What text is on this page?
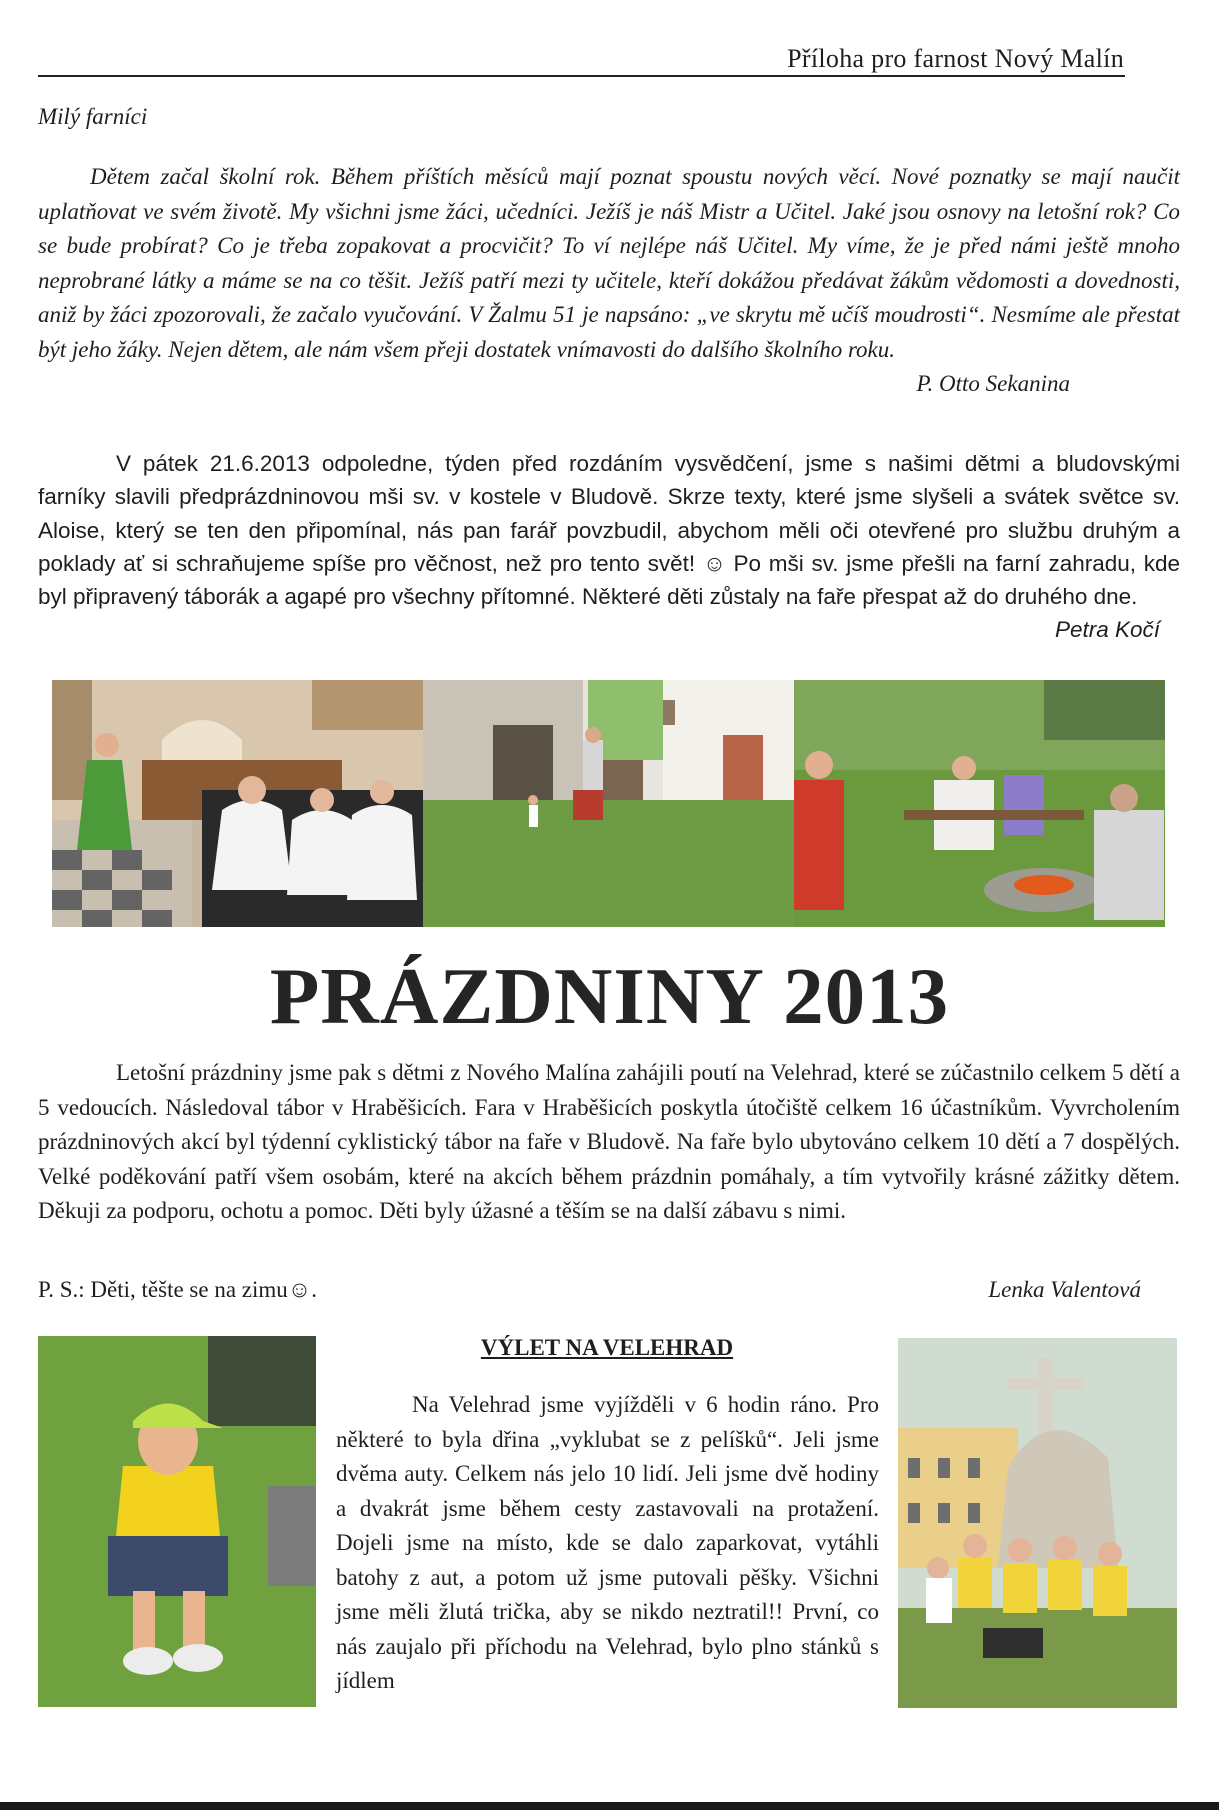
Příloha pro farnost Nový Malín
Milý farníci

Dětem začal školní rok. Během příštích měsíců mají poznat spoustu nových věcí. Nové poznatky se mají naučit uplatňovat ve svém životě. My všichni jsme žáci, učedníci. Ježíš je náš Mistr a Učitel. Jaké jsou osnovy na letošní rok? Co se bude probírat? Co je třeba zopakovat a procvičit? To ví nejlépe náš Učitel. My víme, že je před námi ještě mnoho neprobrané látky a máme se na co těšit. Ježíš patří mezi ty učitele, kteří dokážou předávat žákům vědomosti a dovednosti, aniž by žáci zpozorovali, že začalo vyučování. V Žalmu 51 je napsáno: „ve skrytu mě učíš moudrosti“. Nesmíme ale přestat být jeho žáky. Nejen dětem, ale nám všem přeji dostatek vnímavosti do dalšího školního roku.
P. Otto Sekanina

V pátek 21.6.2013 odpoledne, týden před rozdáním vysvědčení, jsme s našimi dětmi a bludovskými farníky slavili předprázdninovou mši sv. v kostele v Bludově. Skrze texty, které jsme slyšeli a svátek světce sv. Aloise, který se ten den připomínal, nás pan farář povzbudil, abychom měli oči otevřené pro službu druhým a poklady ať si schraňujeme spíše pro věčnost, než pro tento svět! ☺ Po mši sv. jsme přešli na farní zahradu, kde byl připravený táborák a agapé pro všechny přítomné. Některé děti zůstaly na faře přespat až do druhého dne.
Petra Kočí

PRÁZDNINY 2013

Letošní prázdniny jsme pak s dětmi z Nového Malína zahájili poutí na Velehrad, které se zúčastnilo celkem 5 dětí a 5 vedoucích. Následoval tábor v Hraběšicích. Fara v Hraběšicích poskytla útočiště celkem 16 účastníkům. Vyvrcholením prázdninových akcí byl týdenní cyklistický tábor na faře v Bludově. Na faře bylo ubytováno celkem 10 dětí a 7 dospělých. Velké poděkování patří všem osobám, které na akcích během prázdnin pomáhaly, a tím vytvořily krásné zážitky dětem. Děkuji za podporu, ochotu a pomoc. Děti byly úžasné a těším se na další zábavu s nimi.

P. S.: Děti, těšte se na zimu☺.	Lenka Valentová
VÝLET NA VELEHRAD

Na Velehrad jsme vyjížděli v 6 hodin ráno. Pro některé to byla dřina „vyklubat se z pelíšků“. Jeli jsme dvěma auty. Celkem nás jelo 10 lidí. Jeli jsme dvě hodiny a dvakrát jsme během cesty zastavovali na protažení. Dojeli jsme na místo, kde se dalo zaparkovat, vytáhli batohy z aut, a potom už jsme putovali pěšky. Všichni jsme měli žlutá trička, aby se nikdo neztratil!! První, co nás zaujalo při příchodu na Velehrad, bylo plno stánků s jídlem
